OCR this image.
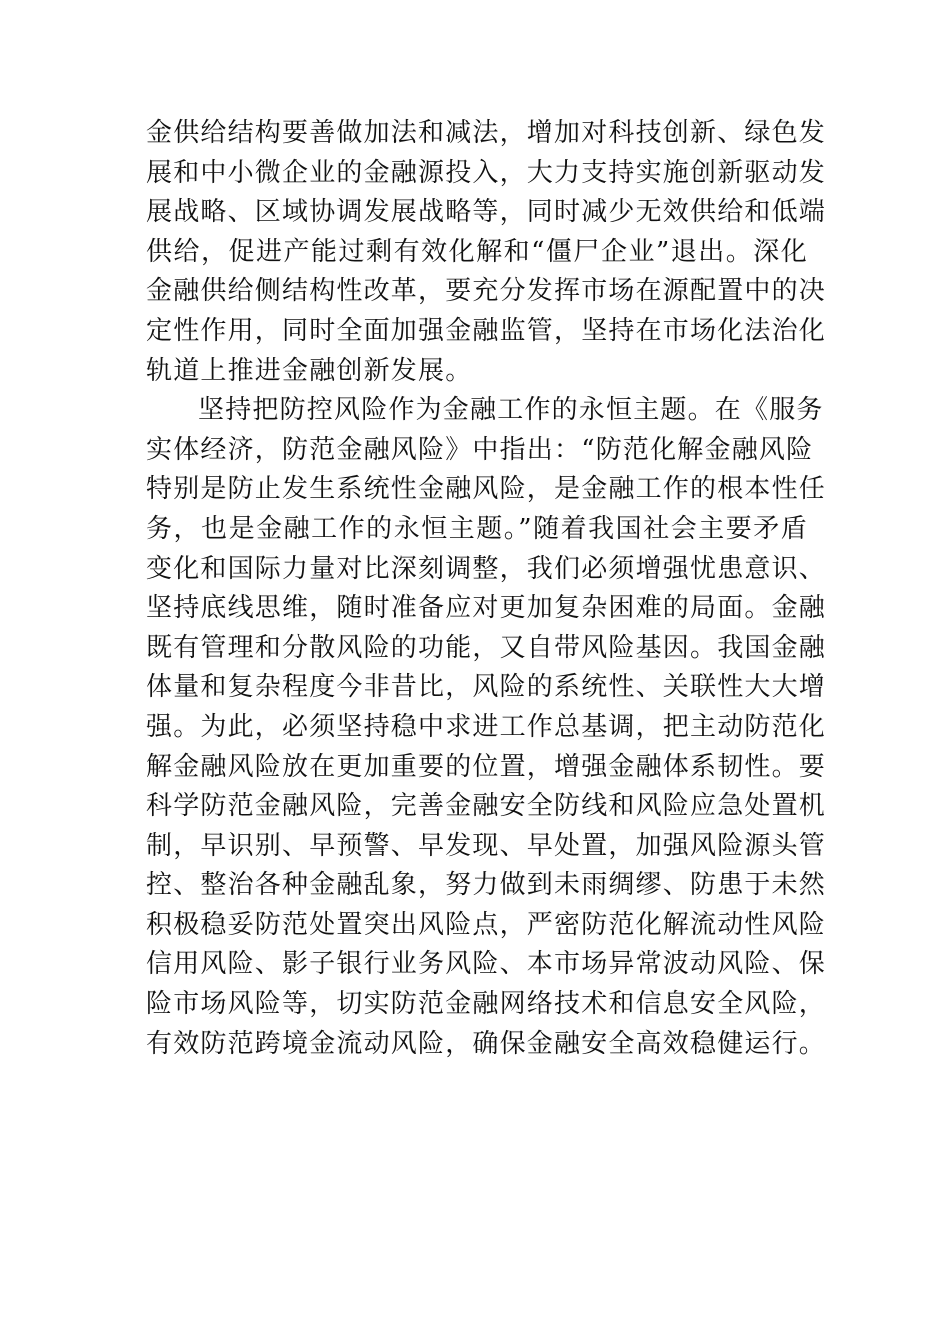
金供给结构要善做加法和减法，增加对科技创新、绿色发
展和中小微企业的金融源投入，大力支持实施创新驱动发
展战略、区域协调发展战略等，同时减少无效供给和低端
供给，促进产能过剩有效化解和“僵尸企业”退出。深化
金融供给侧结构性改革，要充分发挥市场在源配置中的决
定性作用，同时全面加强金融监管，坚持在市场化法治化
轨道上推进金融创新发展。
坚持把防控风险作为金融工作的永恒主题。在《服务
实体经济，防范金融风险》中指出：“防范化解金融风险
特别是防止发生系统性金融风险，是金融工作的根本性任
务，也是金融工作的永恒主题。”随着我国社会主要矛盾
变化和国际力量对比深刻调整，我们必须增强忧患意识、
坚持底线思维，随时准备应对更加复杂困难的局面。金融
既有管理和分散风险的功能，又自带风险基因。我国金融
体量和复杂程度今非昔比，风险的系统性、关联性大大增
强。为此，必须坚持稳中求进工作总基调，把主动防范化
解金融风险放在更加重要的位置，增强金融体系韧性。要
科学防范金融风险，完善金融安全防线和风险应急处置机
制，早识别、早预警、早发现、早处置，加强风险源头管
控、整治各种金融乱象，努力做到未雨绸缪、防患于未然
积极稳妥防范处置突出风险点，严密防范化解流动性风险
信用风险、影子银行业务风险、本市场异常波动风险、保
险市场风险等，切实防范金融网络技术和信息安全风险，
有效防范跨境金流动风险，确保金融安全高效稳健运行。
